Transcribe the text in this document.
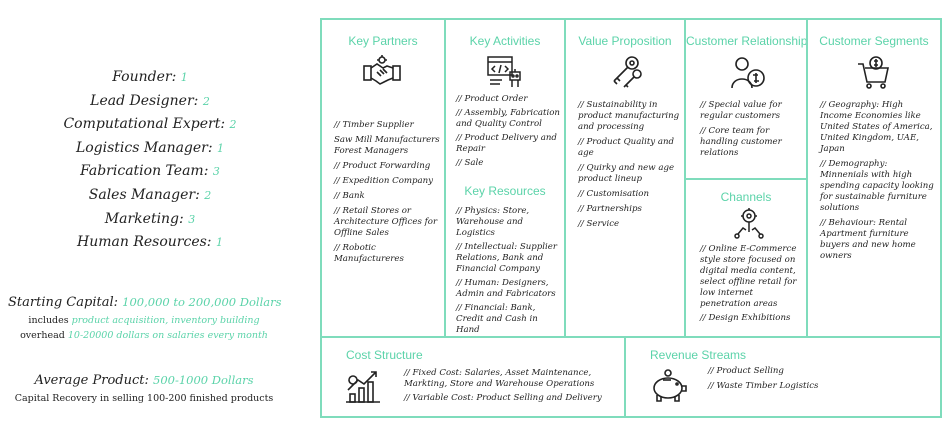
Founder: 1
Lead Designer: 2
Computational Expert: 2
Logistics Manager: 1
Fabrication Team: 3
Sales Manager: 2
Marketing: 3
Human Resources: 1
Starting Capital: 100,000 to 200,000 Dollars
includes product acquisition, inventory building
overhead 10-20000 dollars on salaries every month
Average Product: 500-1000 Dollars
Capital Recovery in selling 100-200 finished products
Key Partners
// Timber Supplier
Saw Mill Manufacturers Forest Managers
// Product Forwarding
// Expedition Company
// Bank
// Retail Stores or Architecture Offices for Offline Sales
// Robotic Manufactureres
Key Activities
// Product Order
// Assembly, Fabrication and Quality Control
// Product Delivery and Repair
// Sale
Key Resources
// Physics: Store, Warehouse and Logistics
// Intellectual: Supplier Relations, Bank and Financial Company
// Human: Designers, Admin and Fabricators
// Financial: Bank, Credit and Cash in Hand
Value Proposition
// Sustainability in product manufacturing and processing
// Product Quality and age
// Quirky and new age product lineup
// Customisation
// Partnerships
// Service
Customer Relationship
// Special value for regular customers
// Core team for handling customer relations
Channels
// Online E-Commerce style store focused on digital media content, select offline retail for low internet penetration areas
// Design Exhibitions
Customer Segments
// Geography: High Income Economies like United States of America, United Kingdom, UAE, Japan
// Demography: Minnenials with high spending capacity looking for sustainable furniture solutions
// Behaviour: Rental Apartment furniture buyers and new home owners
Cost Structure
// Fixed Cost: Salaries, Asset Maintenance, Markting, Store and Warehouse Operations
// Variable Cost: Product Selling and Delivery
Revenue Streams
// Product Selling
// Waste Timber Logistics
